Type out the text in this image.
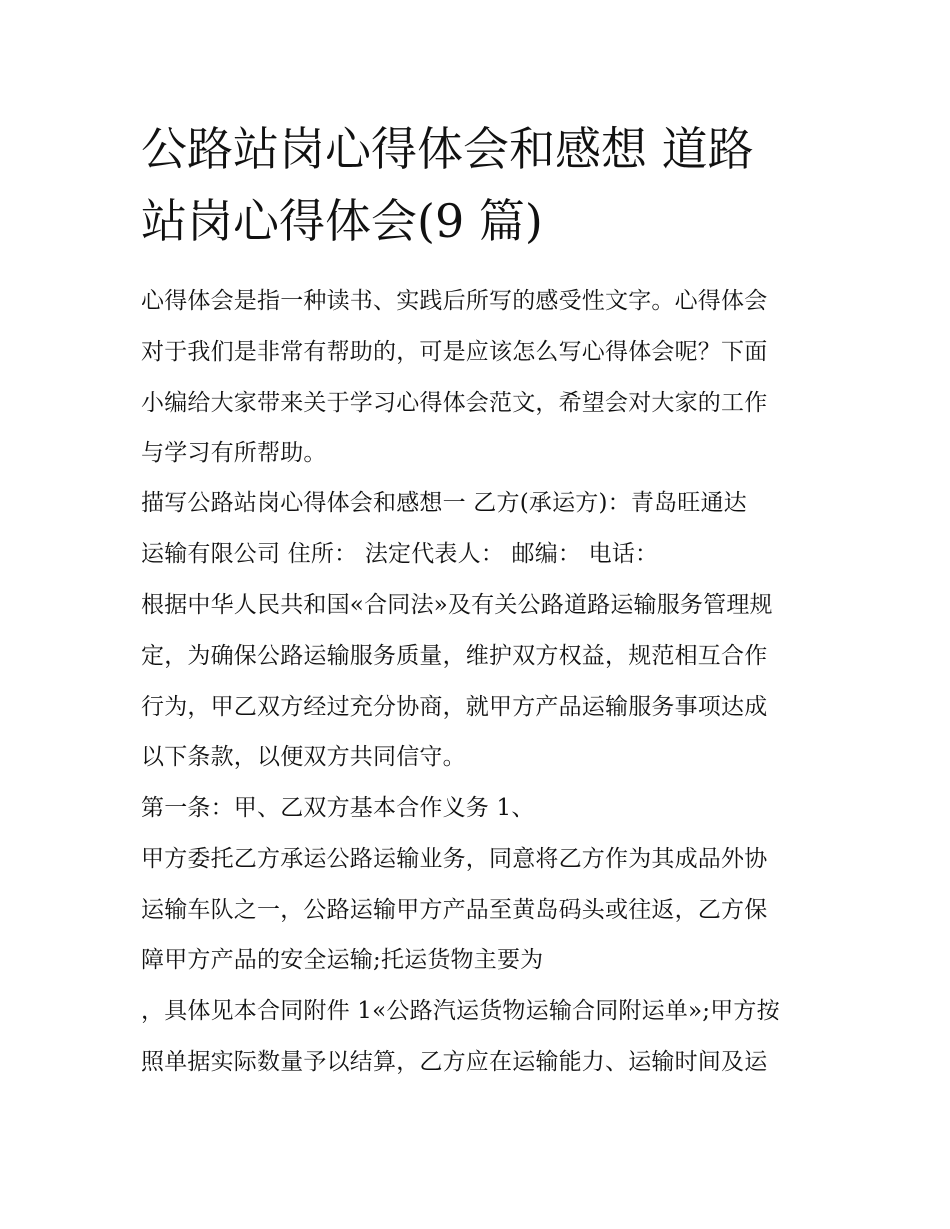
公路站岗心得体会和感想 道路
站岗心得体会(9 篇)
心得体会是指一种读书、实践后所写的感受性文字。心得体会
对于我们是非常有帮助的，可是应该怎么写心得体会呢？下面
小编给大家带来关于学习心得体会范文，希望会对大家的工作
与学习有所帮助。
描写公路站岗心得体会和感想一 乙方(承运方)：青岛旺通达
运输有限公司 住所： 法定代表人： 邮编： 电话：
根据中华人民共和国«合同法»及有关公路道路运输服务管理规
定，为确保公路运输服务质量，维护双方权益，规范相互合作
行为，甲乙双方经过充分协商，就甲方产品运输服务事项达成
以下条款，以便双方共同信守。
第一条：甲、乙双方基本合作义务 1、
甲方委托乙方承运公路运输业务，同意将乙方作为其成品外协
运输车队之一，公路运输甲方产品至黄岛码头或往返，乙方保
障甲方产品的安全运输;托运货物主要为
，具体见本合同附件 1«公路汽运货物运输合同附运单»;甲方按
照单据实际数量予以结算，乙方应在运输能力、运输时间及运
